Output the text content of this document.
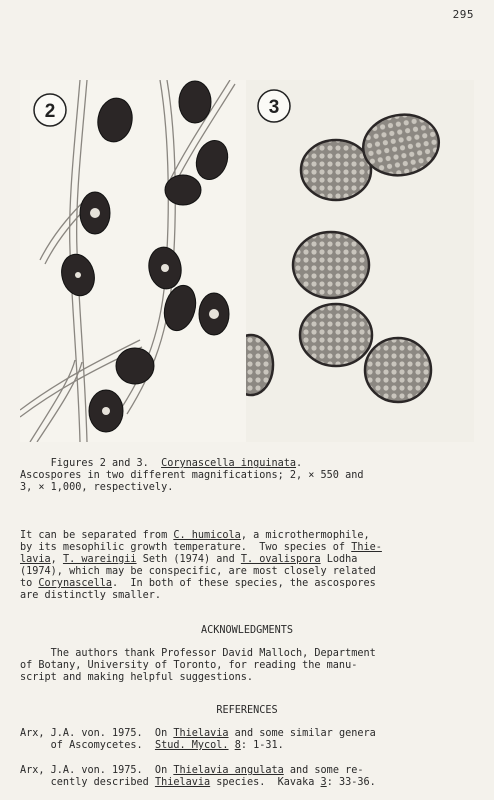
295
2	3
Figures 2 and 3.  Corynascella inguinata.
Ascospores in two different magnifications; 2, × 550 and
3, × 1,000, respectively.
It can be separated from C. humicola, a microthermophile,
by its mesophilic growth temperature.  Two species of Thie-
lavia, T. wareingii Seth (1974) and T. ovalispora Lodha
(1974), which may be conspecific, are most closely related
to Corynascella.  In both of these species, the ascospores
are distinctly smaller.
ACKNOWLEDGMENTS
The authors thank Professor David Malloch, Department
of Botany, University of Toronto, for reading the manu-
script and making helpful suggestions.
REFERENCES
Arx, J.A. von. 1975.  On Thielavia and some similar genera
of Ascomycetes.  Stud. Mycol. 8: 1-31.
Arx, J.A. von. 1975.  On Thielavia angulata and some re-
cently described Thielavia species.  Kavaka 3: 33-36.
